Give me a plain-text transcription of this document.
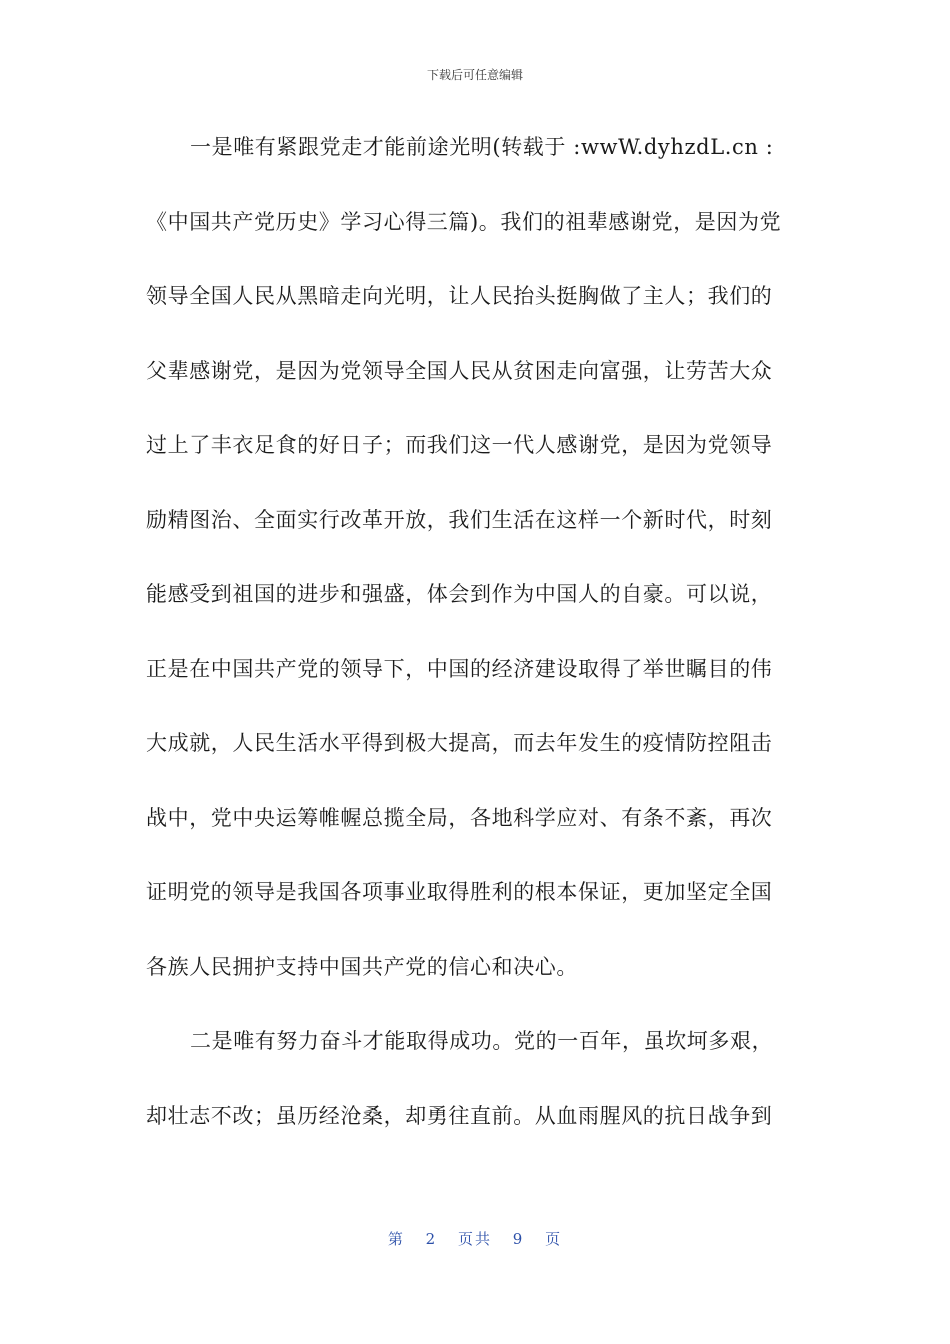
下载后可任意编辑
一是唯有紧跟党走才能前途光明(转载于 :wwW.dyhzdL.cn :
《中国共产党历史》学习心得三篇)。我们的祖辈感谢党，是因为党
领导全国人民从黑暗走向光明，让人民抬头挺胸做了主人；我们的
父辈感谢党，是因为党领导全国人民从贫困走向富强，让劳苦大众
过上了丰衣足食的好日子；而我们这一代人感谢党，是因为党领导
励精图治、全面实行改革开放，我们生活在这样一个新时代，时刻
能感受到祖国的进步和强盛，体会到作为中国人的自豪。可以说，
正是在中国共产党的领导下，中国的经济建设取得了举世瞩目的伟
大成就，人民生活水平得到极大提高，而去年发生的疫情防控阻击
战中，党中央运筹帷幄总揽全局，各地科学应对、有条不紊，再次
证明党的领导是我国各项事业取得胜利的根本保证，更加坚定全国
各族人民拥护支持中国共产党的信心和决心。
二是唯有努力奋斗才能取得成功。党的一百年，虽坎坷多艰，
却壮志不改；虽历经沧桑，却勇往直前。从血雨腥风的抗日战争到
第 2 页共 9 页
